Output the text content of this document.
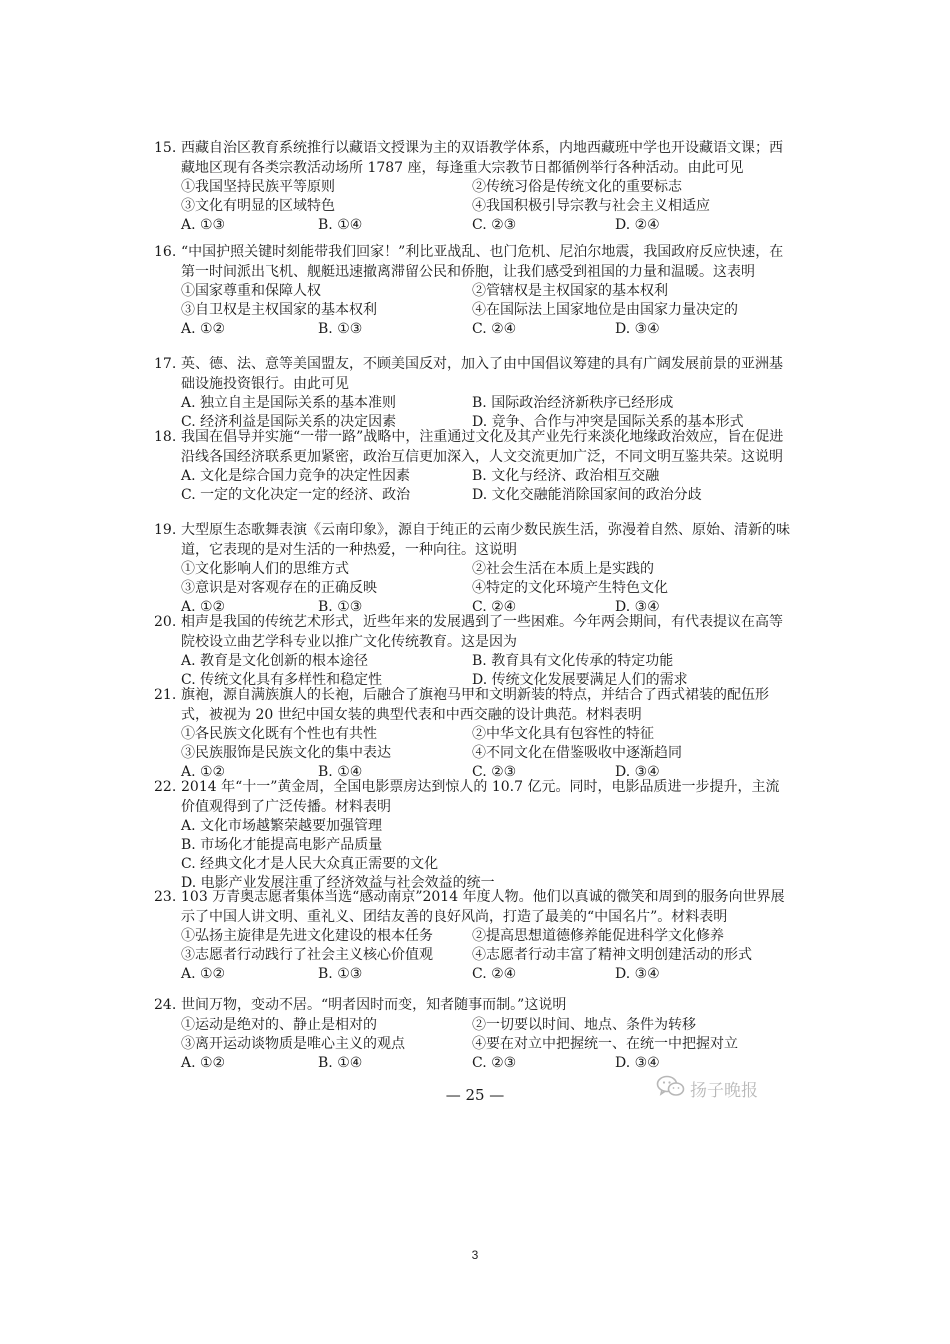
15. 西藏自治区教育系统推行以藏语文授课为主的双语教学体系，内地西藏班中学也开设藏语文课；西藏地区现有各类宗教活动场所 1787 座，每逢重大宗教节日都循例举行各种活动。由此可见
①我国坚持民族平等原则	②传统习俗是传统文化的重要标志
③文化有明显的区域特色	④我国积极引导宗教与社会主义相适应
A. ①③	B. ①④	C. ②③	D. ②④
16. “中国护照关键时刻能带我们回家！”利比亚战乱、也门危机、尼泊尔地震，我国政府反应快速，在第一时间派出飞机、舰艇迅速撤离滞留公民和侨胞，让我们感受到祖国的力量和温暖。这表明
①国家尊重和保障人权	②管辖权是主权国家的基本权利
③自卫权是主权国家的基本权利	④在国际法上国家地位是由国家力量决定的
A. ①②	B. ①③	C. ②④	D. ③④
17. 英、德、法、意等美国盟友，不顾美国反对，加入了由中国倡议筹建的具有广阔发展前景的亚洲基础设施投资银行。由此可见
A. 独立自主是国际关系的基本准则	B. 国际政治经济新秩序已经形成
C. 经济利益是国际关系的决定因素	D. 竞争、合作与冲突是国际关系的基本形式
18. 我国在倡导并实施“一带一路”战略中，注重通过文化及其产业先行来淡化地缘政治效应，旨在促进沿线各国经济联系更加紧密，政治互信更加深入，人文交流更加广泛，不同文明互鉴共荣。这说明
A. 文化是综合国力竞争的决定性因素	B. 文化与经济、政治相互交融
C. 一定的文化决定一定的经济、政治	D. 文化交融能消除国家间的政治分歧
19. 大型原生态歌舞表演《云南印象》，源自于纯正的云南少数民族生活，弥漫着自然、原始、清新的味道，它表现的是对生活的一种热爱，一种向往。这说明
①文化影响人们的思维方式	②社会生活在本质上是实践的
③意识是对客观存在的正确反映	④特定的文化环境产生特色文化
A. ①②	B. ①③	C. ②④	D. ③④
20. 相声是我国的传统艺术形式，近些年来的发展遇到了一些困难。今年两会期间，有代表提议在高等院校设立曲艺学科专业以推广文化传统教育。这是因为
A. 教育是文化创新的根本途径	B. 教育具有文化传承的特定功能
C. 传统文化具有多样性和稳定性	D. 传统文化发展要满足人们的需求
21. 旗袍，源自满族旗人的长袍，后融合了旗袍马甲和文明新装的特点，并结合了西式裙装的配伍形式，被视为 20 世纪中国女装的典型代表和中西交融的设计典范。材料表明
①各民族文化既有个性也有共性	②中华文化具有包容性的特征
③民族服饰是民族文化的集中表达	④不同文化在借鉴吸收中逐渐趋同
A. ①②	B. ①④	C. ②③	D. ③④
22. 2014 年“十一”黄金周，全国电影票房达到惊人的 10.7 亿元。同时，电影品质进一步提升，主流价值观得到了广泛传播。材料表明
A. 文化市场越繁荣越要加强管理
B. 市场化才能提高电影产品质量
C. 经典文化才是人民大众真正需要的文化
D. 电影产业发展注重了经济效益与社会效益的统一
23. 103 万青奥志愿者集体当选“感动南京”2014 年度人物。他们以真诚的微笑和周到的服务向世界展示了中国人讲文明、重礼义、团结友善的良好风尚，打造了最美的“中国名片”。材料表明
①弘扬主旋律是先进文化建设的根本任务	②提高思想道德修养能促进科学文化修养
③志愿者行动践行了社会主义核心价值观	④志愿者行动丰富了精神文明创建活动的形式
A. ①②	B. ①③	C. ②④	D. ③④
24. 世间万物，变动不居。“明者因时而变，知者随事而制。”这说明
①运动是绝对的、静止是相对的	②一切要以时间、地点、条件为转移
③离开运动谈物质是唯心主义的观点	④要在对立中把握统一、在统一中把握对立
A. ①②	B. ①④	C. ②③	D. ③④
— 25 —	扬子晚报
3
